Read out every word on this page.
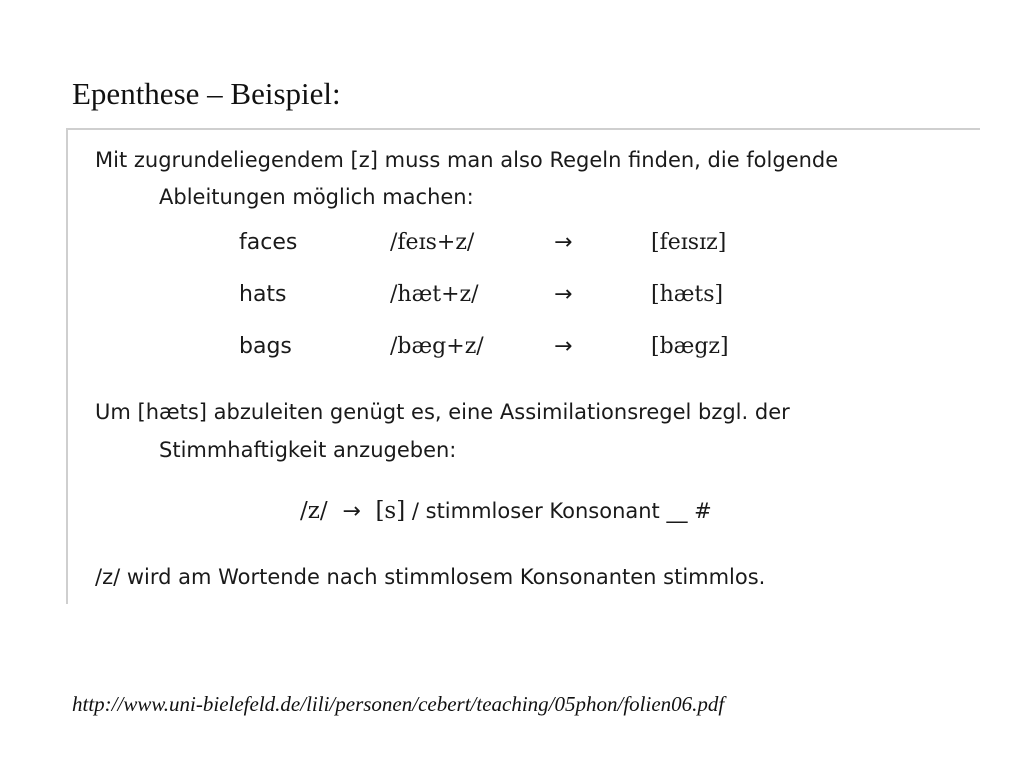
Epenthese – Beispiel:
Mit zugrundeliegendem [z] muss man also Regeln finden, die folgende
Ableitungen möglich machen:
faces	/feɪs+z/	→	[feɪsɪz]
hats	/hæt+z/	→	[hæts]
bags	/bæg+z/	→	[bægz]
Um [hæts] abzuleiten genügt es, eine Assimilationsregel bzgl. der
Stimmhaftigkeit anzugeben:
/z/ → [s] / stimmloser Konsonant __ #
/z/ wird am Wortende nach stimmlosem Konsonanten stimmlos.
http://www.uni-bielefeld.de/lili/personen/cebert/teaching/05phon/folien06.pdf
